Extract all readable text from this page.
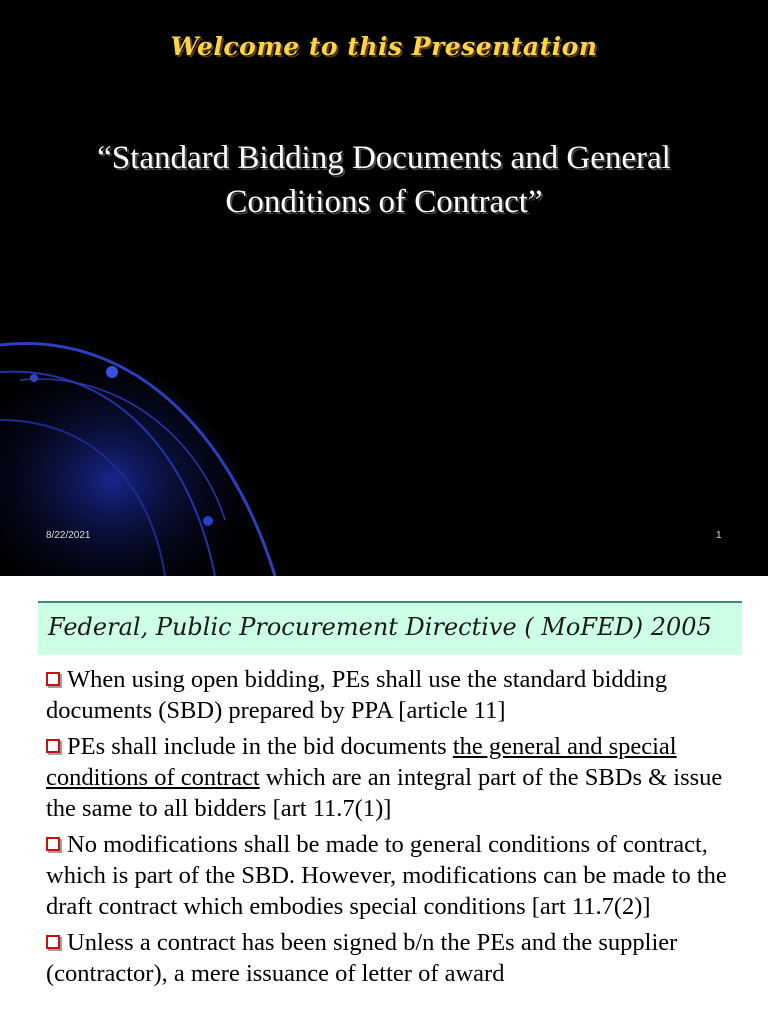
Welcome to this Presentation
“Standard Bidding Documents and General
Conditions of Contract”
8/22/2021	1
Federal, Public Procurement Directive ( MoFED) 2005
When using open bidding, PEs shall use the standard bidding documents (SBD) prepared by PPA [article 11]
PEs shall include in the bid documents the general and special conditions of contract which are an integral part of the SBDs & issue the same to all bidders [art 11.7(1)]
No modifications shall be made to general conditions of contract, which is part of the SBD. However, modifications can be made to the draft contract which embodies special conditions [art 11.7(2)]
Unless a contract has been signed b/n the PEs and the supplier (contractor), a mere issuance of letter of award
